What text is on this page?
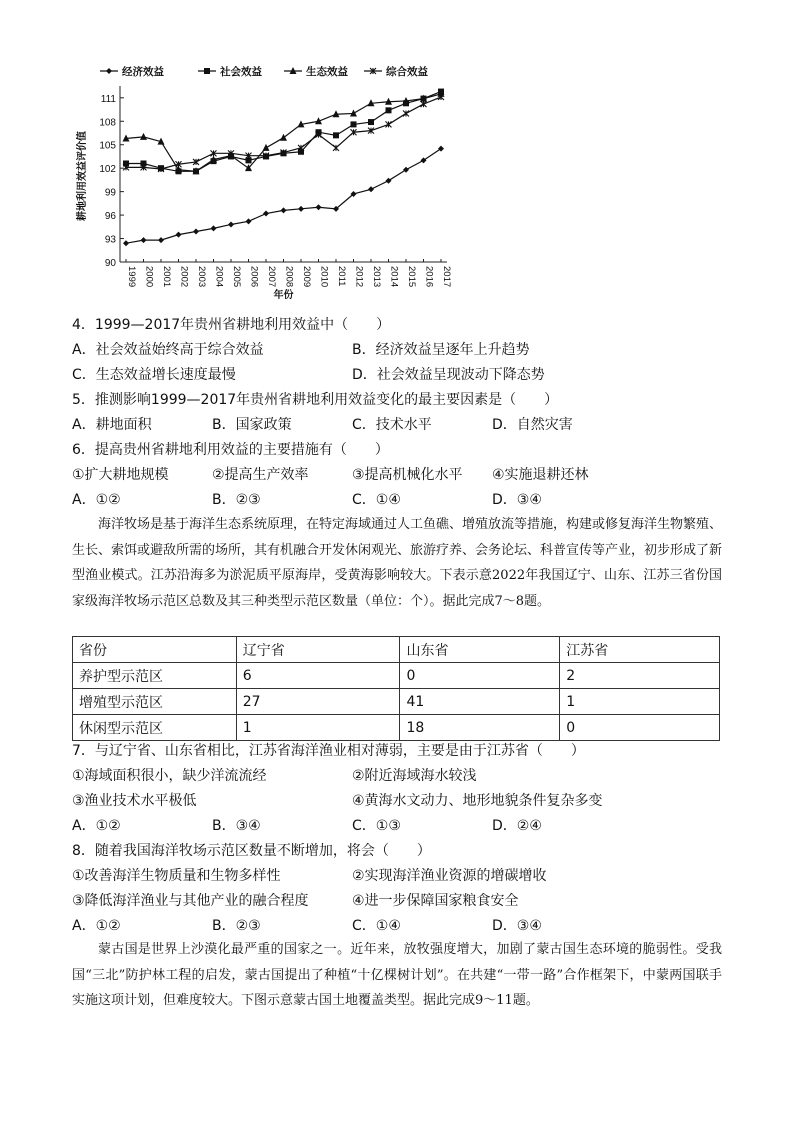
90
93
96
99
102
105
108
111
1999 2000 2001 2002 2003 2004 2005 2006 2007 2008 2009 2010 2011 2012 2013 2014 2015 2016 2017
年份
耕地利用效益评价值
经济效益	社会效益	生态效益	综合效益
4．1999—2017年贵州省耕地利用效益中（　　）
A．社会效益始终高于综合效益	B．经济效益呈逐年上升趋势
C．生态效益增长速度最慢	D．社会效益呈现波动下降态势
5．推测影响1999—2017年贵州省耕地利用效益变化的最主要因素是（　　）
A．耕地面积	B．国家政策	C．技术水平	D．自然灾害
6．提高贵州省耕地利用效益的主要措施有（　　）
①扩大耕地规模	②提高生产效率	③提高机械化水平 ④实施退耕还林
A．①②	B．②③	C．①④	D．③④

海洋牧场是基于海洋生态系统原理，在特定海域通过人工鱼礁、增殖放流等措施，构建或修复海洋生物繁殖、生长、索饵或避敌所需的场所，其有机融合开发休闲观光、旅游疗养、会务论坛、科普宣传等产业，初步形成了新型渔业模式。江苏沿海多为淤泥质平原海岸，受黄海影响较大。下表示意2022年我国辽宁、山东、江苏三省份国家级海洋牧场示范区总数及其三种类型示范区数量（单位：个）。据此完成7～8题。

省份	辽宁省	山东省	江苏省
养护型示范区	6	0	2
增殖型示范区	27	41	1
休闲型示范区	1	18	0
7．与辽宁省、山东省相比，江苏省海洋渔业相对薄弱，主要是由于江苏省（　　）
①海域面积很小，缺少洋流流经	②附近海域海水较浅
③渔业技术水平极低	④黄海水文动力、地形地貌条件复杂多变
A．①②	B．③④	C．①③	D．②④
8．随着我国海洋牧场示范区数量不断增加，将会（　　）
①改善海洋生物质量和生物多样性	②实现海洋渔业资源的增碳增收
③降低海洋渔业与其他产业的融合程度	④进一步保障国家粮食安全
A．①②	B．②③	C．①④	D．③④

蒙古国是世界上沙漠化最严重的国家之一。近年来，放牧强度增大，加剧了蒙古国生态环境的脆弱性。受我国“三北”防护林工程的启发，蒙古国提出了种植“十亿棵树计划”。在共建“一带一路”合作框架下，中蒙两国联手实施这项计划，但难度较大。下图示意蒙古国土地覆盖类型。据此完成9～11题。
